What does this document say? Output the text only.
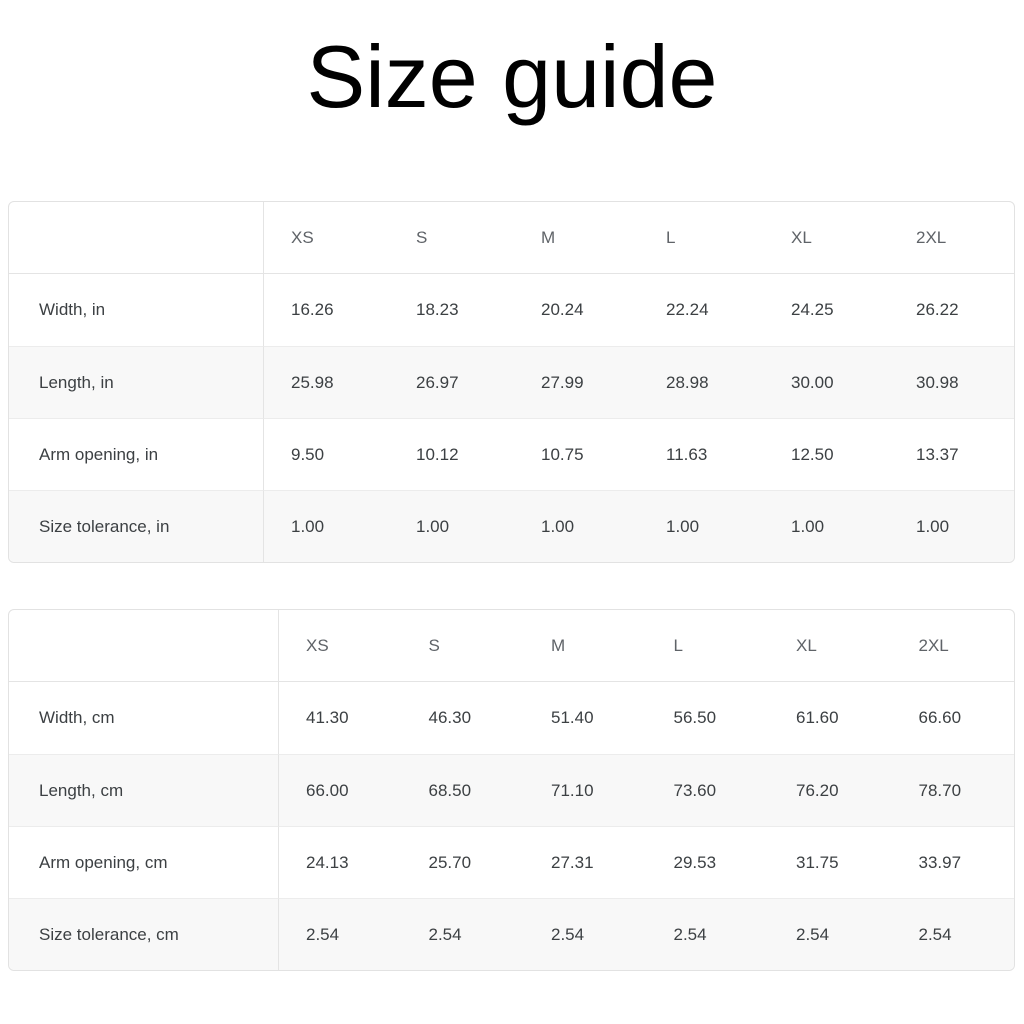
Size guide
	XS	S	M	L	XL	2XL
Width, in	16.26	18.23	20.24	22.24	24.25	26.22
Length, in	25.98	26.97	27.99	28.98	30.00	30.98
Arm opening, in	9.50	10.12	10.75	11.63	12.50	13.37
Size tolerance, in	1.00	1.00	1.00	1.00	1.00	1.00
	XS	S	M	L	XL	2XL
Width, cm	41.30	46.30	51.40	56.50	61.60	66.60
Length, cm	66.00	68.50	71.10	73.60	76.20	78.70
Arm opening, cm	24.13	25.70	27.31	29.53	31.75	33.97
Size tolerance, cm	2.54	2.54	2.54	2.54	2.54	2.54
